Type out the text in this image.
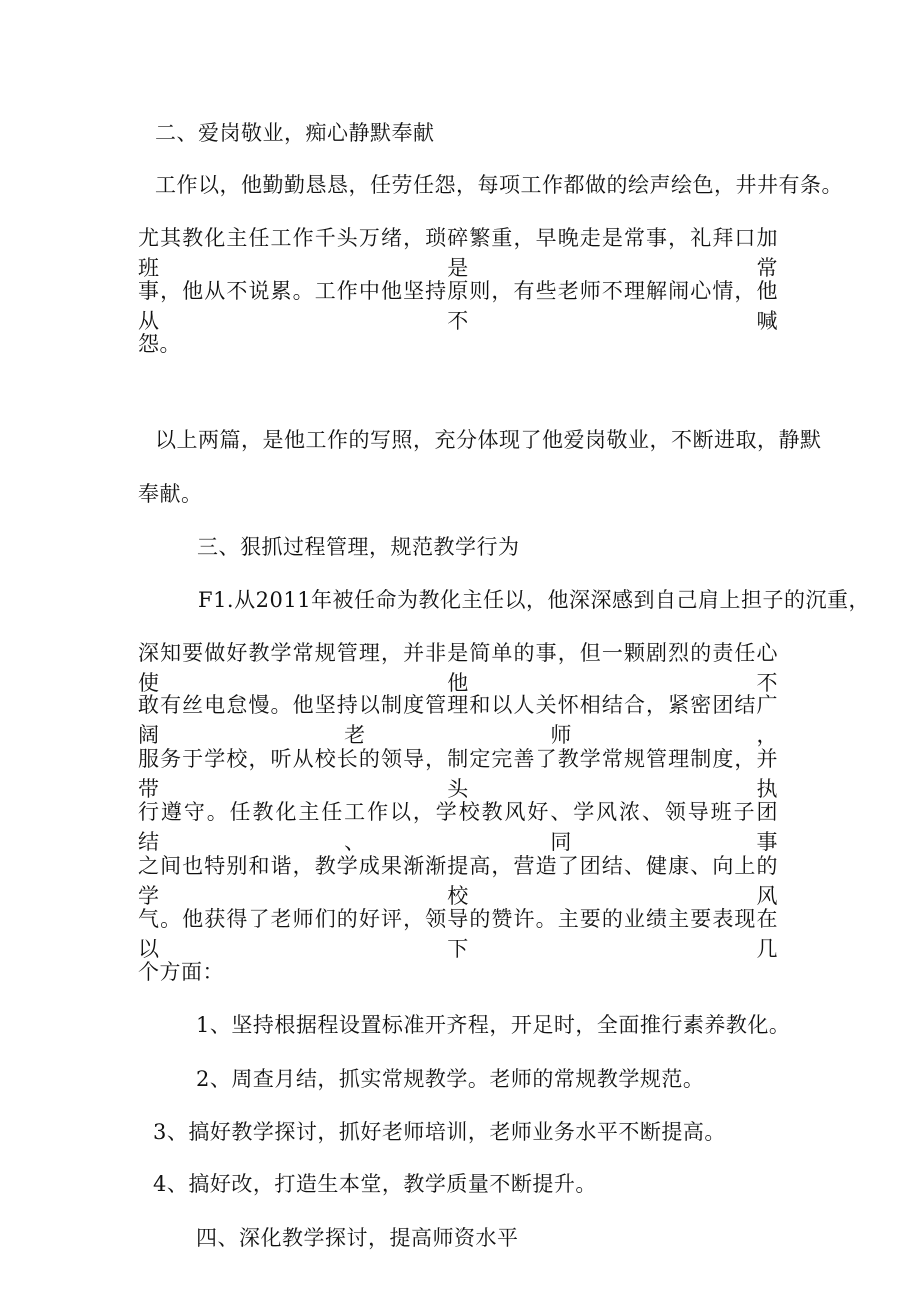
二、爱岗敬业，痴心静默奉献
工作以，他勤勤恳恳，任劳任怨，每项工作都做的绘声绘色，井井有条。
尤其教化主任工作千头万绪，琐碎繁重，早晚走是常事，礼拜口加班是常
事，他从不说累。工作中他坚持原则，有些老师不理解闹心情，他从不喊
怨。
以上两篇，是他工作的写照，充分体现了他爱岗敬业，不断进取，静默
奉献。
三、狠抓过程管理，规范教学行为
F1.从2011年被任命为教化主任以，他深深感到自己肩上担子的沉重，
深知要做好教学常规管理，并非是简单的事，但一颗剧烈的责任心使他不
敢有丝电怠慢。他坚持以制度管理和以人关怀相结合，紧密团结广阔老师，
服务于学校，听从校长的领导，制定完善了教学常规管理制度，并带头执
行遵守。任教化主任工作以，学校教风好、学风浓、领导班子团结、同事
之间也特别和谐，教学成果渐渐提高，营造了团结、健康、向上的学校风
气。他获得了老师们的好评，领导的赞许。主要的业绩主要表现在以下几
个方面：
1、坚持根据程设置标准开齐程，开足时，全面推行素养教化。
2、周查月结，抓实常规教学。老师的常规教学规范。
3、搞好教学探讨，抓好老师培训，老师业务水平不断提高。
4、搞好改，打造生本堂，教学质量不断提升。
四、深化教学探讨，提高师资水平
